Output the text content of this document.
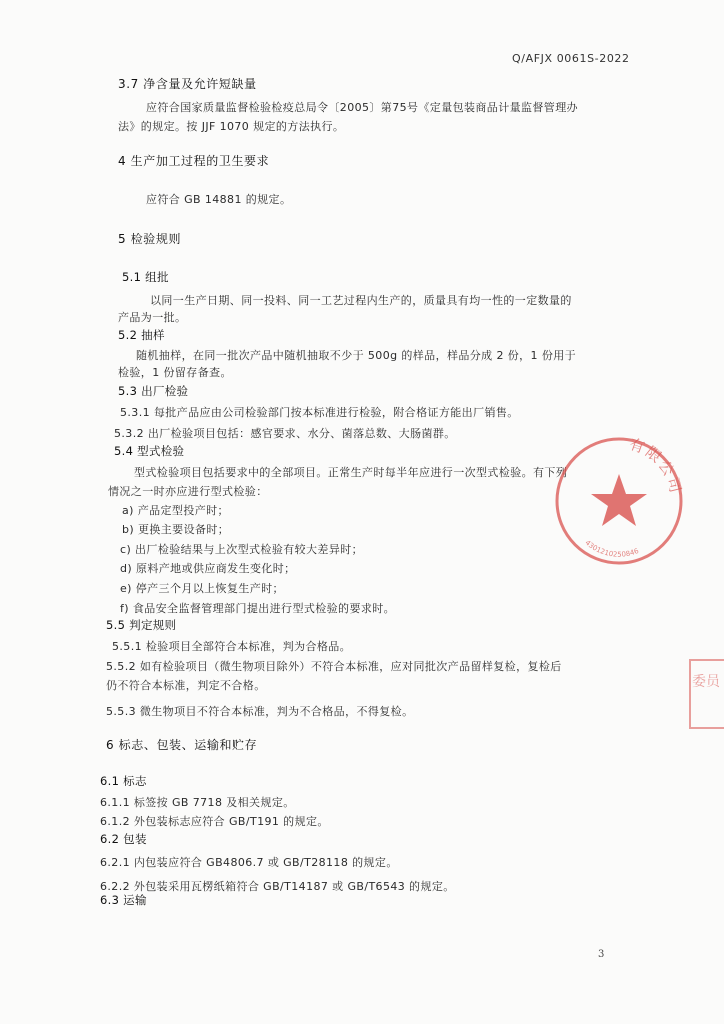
Q/AFJX 0061S-2022
3.7 净含量及允许短缺量
应符合国家质量监督检验检疫总局令〔2005〕第75号《定量包装商品计量监督管理办
法》的规定。按 JJF 1070 规定的方法执行。
4 生产加工过程的卫生要求
应符合 GB 14881 的规定。
5 检验规则
5.1 组批
以同一生产日期、同一投料、同一工艺过程内生产的，质量具有均一性的一定数量的
产品为一批。
5.2 抽样
随机抽样，在同一批次产品中随机抽取不少于 500g 的样品，样品分成 2 份，1 份用于
检验，1 份留存备查。
5.3 出厂检验
5.3.1 每批产品应由公司检验部门按本标准进行检验，附合格证方能出厂销售。
5.3.2 出厂检验项目包括：感官要求、水分、菌落总数、大肠菌群。
5.4 型式检验
型式检验项目包括要求中的全部项目。正常生产时每半年应进行一次型式检验。有下列
情况之一时亦应进行型式检验：
a) 产品定型投产时；
b) 更换主要设备时；
c) 出厂检验结果与上次型式检验有较大差异时；
d) 原料产地或供应商发生变化时；
e) 停产三个月以上恢复生产时；
f) 食品安全监督管理部门提出进行型式检验的要求时。
5.5 判定规则
5.5.1 检验项目全部符合本标准，判为合格品。
5.5.2 如有检验项目（微生物项目除外）不符合本标准，应对同批次产品留样复检，复检后
仍不符合本标准，判定不合格。
5.5.3 微生物项目不符合本标准，判为不合格品，不得复检。
6 标志、包装、运输和贮存
6.1 标志
6.1.1 标签按 GB 7718 及相关规定。
6.1.2 外包装标志应符合 GB/T191 的规定。
6.2 包装
6.2.1 内包装应符合 GB4806.7 或 GB/T28118 的规定。
6.2.2 外包装采用瓦楞纸箱符合 GB/T14187 或 GB/T6543 的规定。
6.3 运输
3
有限公司
4301210250846
委员
